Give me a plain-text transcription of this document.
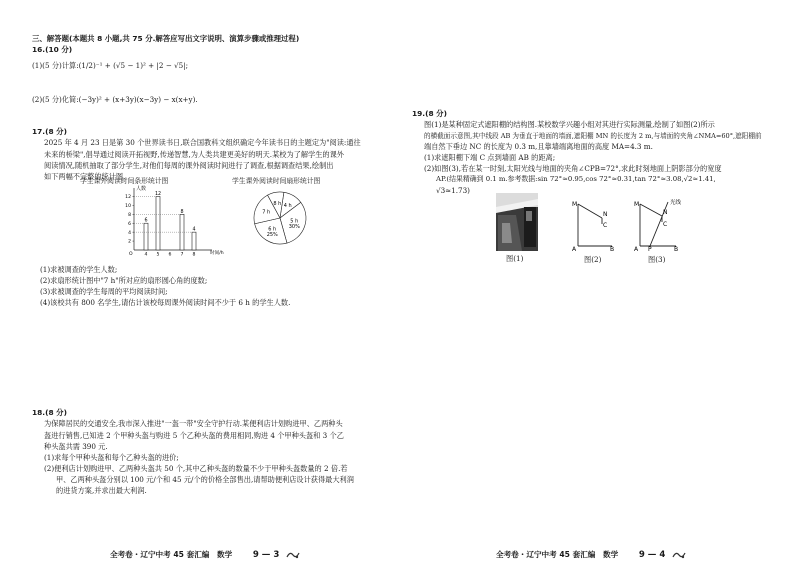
三、解答题(本题共 8 小题,共 75 分.解答应写出文字说明、演算步骤或推理过程)
16.(10 分)

(1)(5 分)计算:(1/2)⁻¹ + (√5 − 1)² + |2 − √5|;

(2)(5 分)化简:(−3y)² + (x+3y)(x−3y) − x(x+y).

17.(8 分)

2025 年 4 月 23 日是第 30 个世界读书日,联合国教科文组织确定今年读书日的主题定为"阅读:通往

未来的桥梁",倡导通过阅读开拓视野,传递智慧,为人类共建更美好的明天.某校为了解学生的课外

阅读情况,随机抽取了部分学生,对他们每周的课外阅读时间进行了调查,根据调查结果,绘制出

如下两幅不完整的统计图.

学生课外阅读时间条形统计图	学生课外阅读时间扇形统计图
人数
时间/h
O
2
4
6
8
10
12
4
6
5
12
6 7
8
8
4
4 h
5 h
30%
6 h
25%
7 h
8 h

(1)求被调查的学生人数;

(2)求扇形统计图中"7 h"所对应的扇形圆心角的度数;

(3)求被调查的学生每周的平均阅读时间;

(4)该校共有 800 名学生,请估计该校每周课外阅读时间不少于 6 h 的学生人数.

18.(8 分)

为保障居民的交通安全,我市深入推进"一盔一带"安全守护行动.某便利店计划购进甲、乙两种头

盔进行销售,已知进 2 个甲种头盔与购进 5 个乙种头盔的费用相同,购进 4 个甲种头盔和 3 个乙

种头盔共需 390 元.

(1)求每个甲种头盔和每个乙种头盔的进价;

(2)便利店计划购进甲、乙两种头盔共 50 个,其中乙种头盔的数量不少于甲种头盔数量的 2 倍.若

甲、乙两种头盔分别以 100 元/个和 45 元/个的价格全部售出,请帮助便利店设计获得最大利润

的进货方案,并求出最大利润.

全考卷・辽宁中考 45 套汇编　数学 9 — 3
19.(8 分)

图(1)是某种固定式遮阳棚的结构图.某校数学兴趣小组对其进行实际测量,绘制了如图(2)所示

的横截面示意图,其中线段 AB 为垂直于地面的墙面,遮阳棚 MN 的长度为 2 m,与墙面的夹角∠NMA=60°,遮阳棚前

端自然下垂边 NC 的长度为 0.3 m,且靠墙端离地面的高度 MA=4.3 m.

(1)求遮阳棚下端 C 点到墙面 AB 的距离;

(2)如图(3),若在某一时刻,太阳光线与地面的夹角∠CPB=72°,求此时刻地面上阴影部分的宽度

AP.(结果精确到 0.1 m.参考数据:sin 72°≈0.95,cos 72°≈0.31,tan 72°≈3.08,√2≈1.41,

√3≈1.73)

图(1)
M
N
C
A	B
图(2)
M
N
C
光线
A P	B
图(3)
全考卷・辽宁中考 45 套汇编　数学 9 — 4
